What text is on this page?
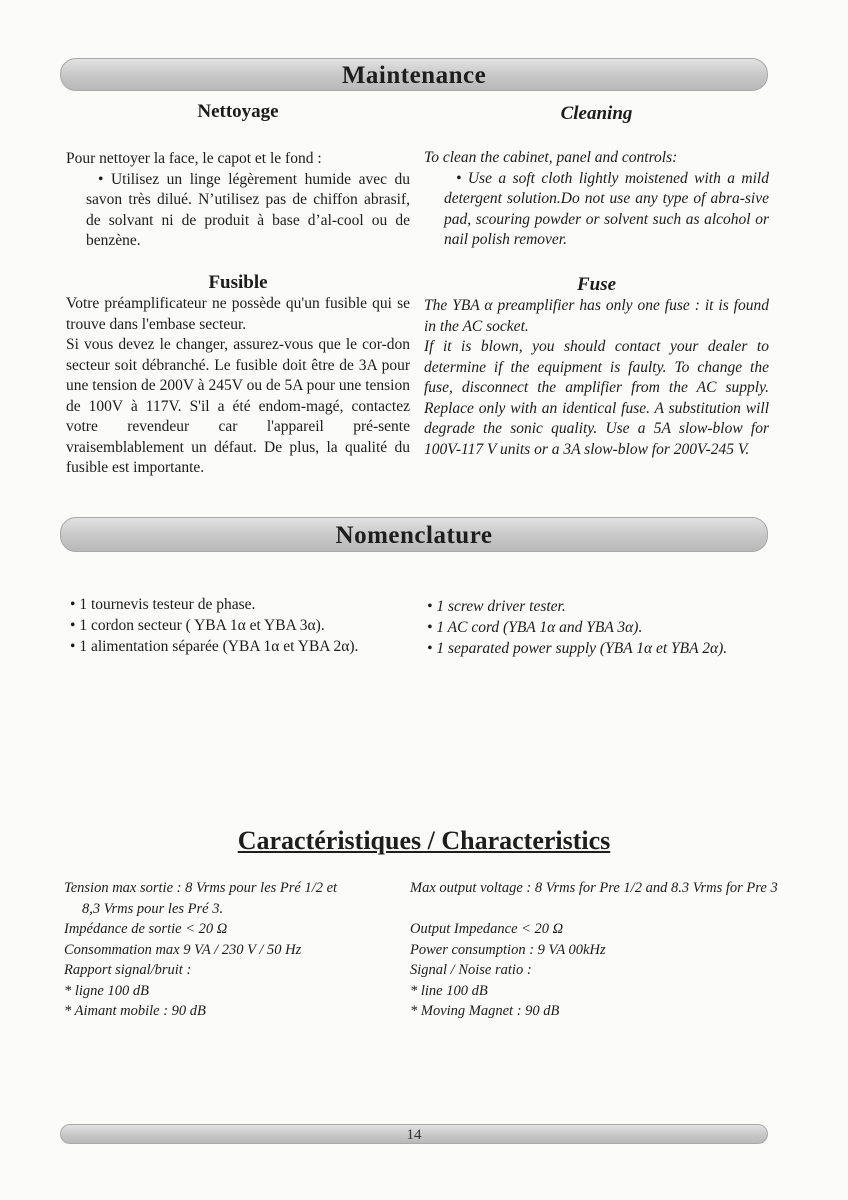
Maintenance
Nettoyage
Pour nettoyer la face, le capot et le fond :
• Utilisez un linge légèrement humide avec du savon très dilué. N’utilisez pas de chiffon abrasif, de solvant ni de produit à base d’al-cool ou de benzène.
Cleaning
To clean the cabinet, panel and controls:
• Use a soft cloth lightly moistened with a mild detergent solution.Do not use any type of abra-sive pad, scouring powder or solvent such as alcohol or nail polish remover.
Fusible
Votre préamplificateur ne possède qu'un fusible qui se trouve dans l'embase secteur.
Si vous devez le changer, assurez-vous que le cor-don secteur soit débranché. Le fusible doit être de 3A pour une tension de 200V à 245V ou de 5A pour une tension de 100V à 117V. S'il a été endom-magé, contactez votre revendeur car l'appareil pré-sente vraisemblablement un défaut. De plus, la qualité du fusible est importante.
Fuse
The YBA α preamplifier has only one fuse : it is found in the AC socket.
If it is blown, you should contact your dealer to determine if the equipment is faulty. To change the fuse, disconnect the amplifier from the AC supply. Replace only with an identical fuse. A substitution will degrade the sonic quality. Use a 5A slow-blow for 100V-117 V units or a 3A slow-blow for 200V-245 V.
Nomenclature
• 1 tournevis testeur de phase.
• 1 cordon secteur ( YBA 1α et YBA 3α).
• 1 alimentation séparée (YBA 1α et YBA 2α).
• 1 screw driver tester.
• 1 AC cord (YBA 1α and YBA 3α).
• 1 separated power supply (YBA 1α et YBA 2α).
Caractéristiques / Characteristics
Tension max sortie : 8 Vrms pour les Pré 1/2 et
8,3 Vrms pour les Pré 3.
Impédance de sortie < 20 Ω
Consommation max 9 VA / 230 V / 50 Hz
Rapport signal/bruit :
* ligne 100 dB
* Aimant mobile : 90 dB
Max output voltage : 8 Vrms for Pre 1/2 and 8.3 Vrms for Pre 3
Output Impedance < 20 Ω
Power consumption : 9 VA 00kHz
Signal / Noise ratio :
* line 100 dB
* Moving Magnet : 90 dB
14
